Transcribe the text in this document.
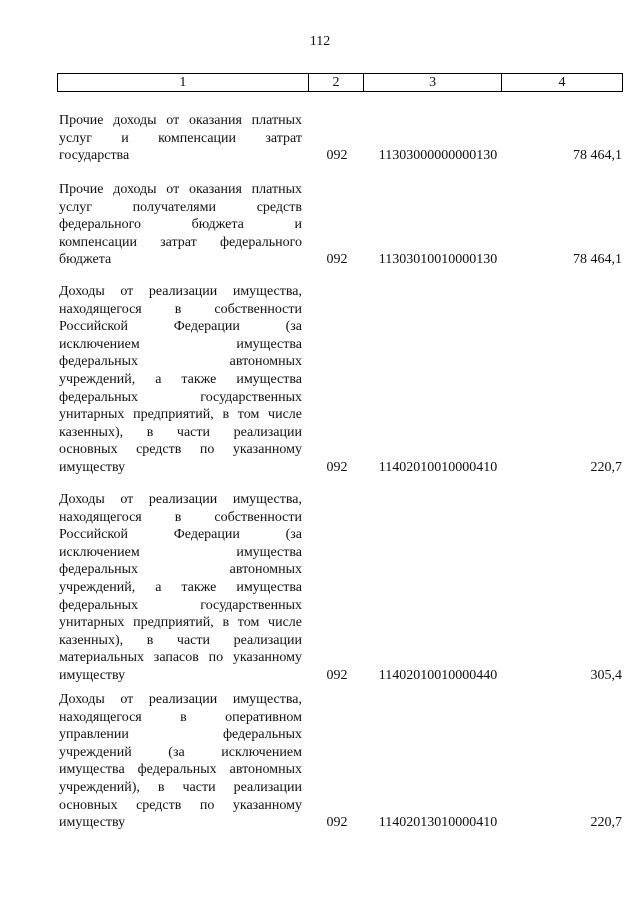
112
1	2	3	4
Прочие доходы от оказания платных
услуг и компенсации затрат
государства	092	11303000000000130	78 464,1
Прочие доходы от оказания платных
услуг получателями средств
федерального бюджета и
компенсации затрат федерального
бюджета	092	11303010010000130	78 464,1
Доходы от реализации имущества,
находящегося в собственности
Российской Федерации (за
исключением имущества
федеральных автономных
учреждений, а также имущества
федеральных государственных
унитарных предприятий, в том числе
казенных), в части реализации
основных средств по указанному
имуществу	092	11402010010000410	220,7
Доходы от реализации имущества,
находящегося в собственности
Российской Федерации (за
исключением имущества
федеральных автономных
учреждений, а также имущества
федеральных государственных
унитарных предприятий, в том числе
казенных), в части реализации
материальных запасов по указанному
имуществу	092	11402010010000440	305,4
Доходы от реализации имущества,
находящегося в оперативном
управлении федеральных
учреждений (за исключением
имущества федеральных автономных
учреждений), в части реализации
основных средств по указанному
имуществу	092	11402013010000410	220,7
